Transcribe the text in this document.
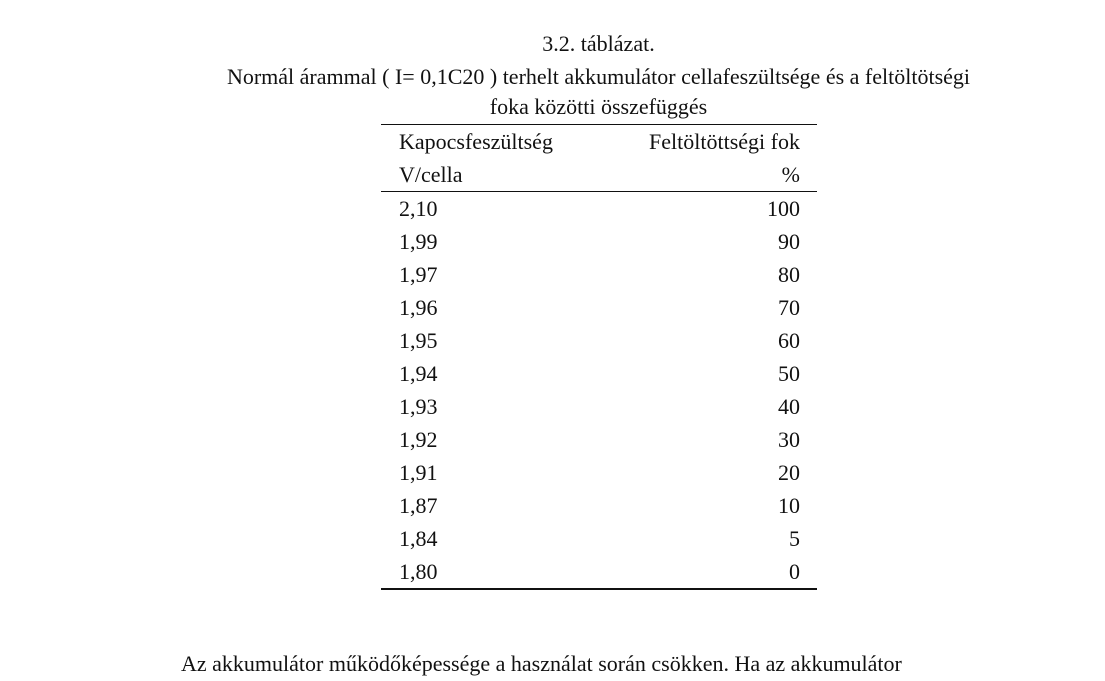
3.2. táblázat.
Normál árammal ( I= 0,1C20 ) terhelt akkumulátor cellafeszültsége és a feltöltötségi
foka közötti összefüggés
Kapocsfeszültség	Feltöltöttségi fok
V/cella	%
2,10	100
1,99	90
1,97	80
1,96	70
1,95	60
1,94	50
1,93	40
1,92	30
1,91	20
1,87	10
1,84	5
1,80	0
Az akkumulátor működőképessége a használat során csökken. Ha az akkumulátor
